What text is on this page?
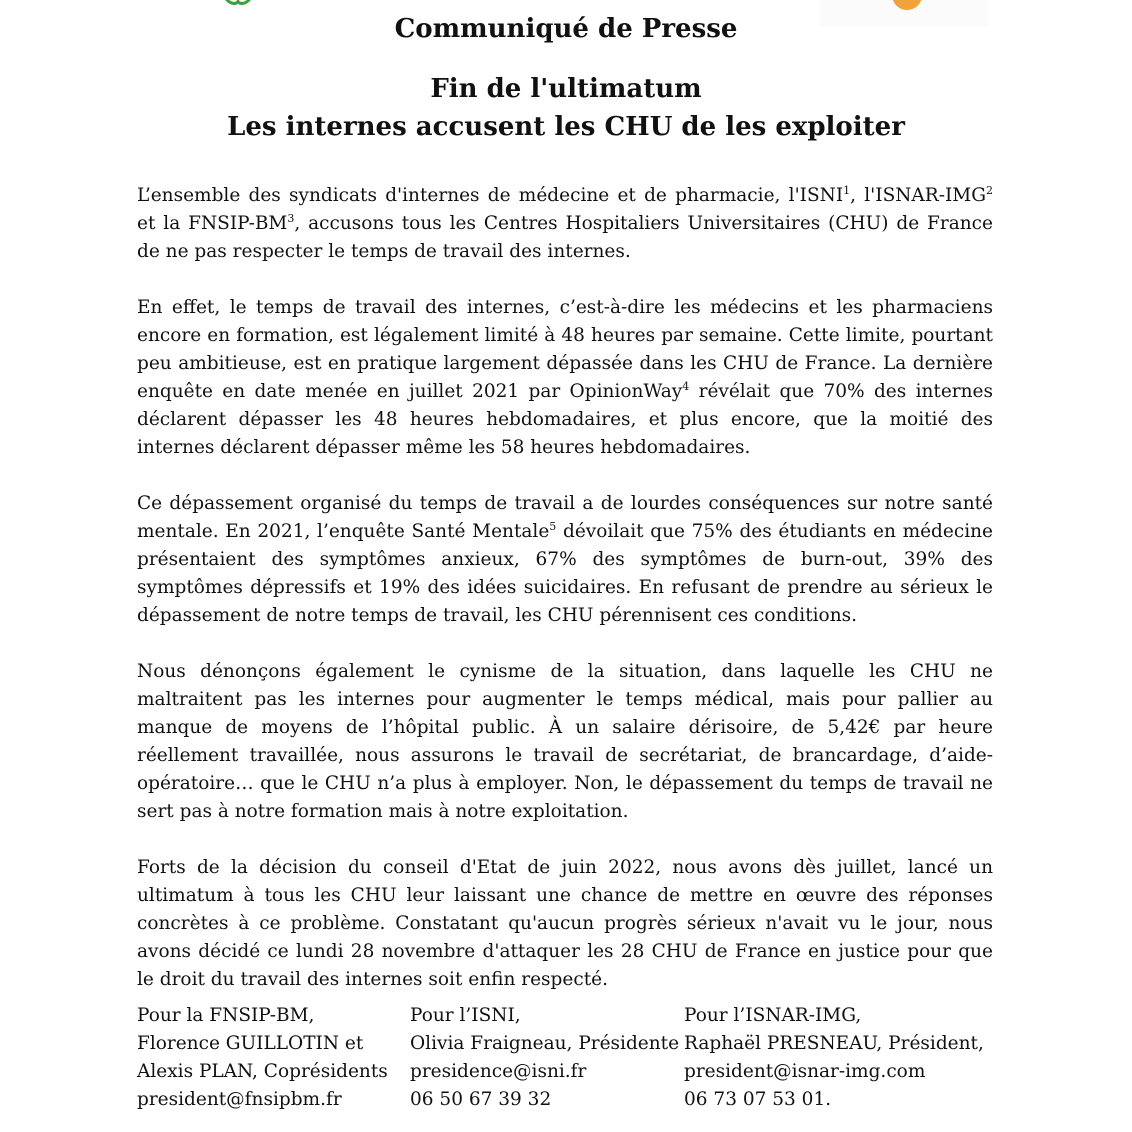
Communiqué de Presse
Fin de l'ultimatum
Les internes accusent les CHU de les exploiter

L’ensemble des syndicats d'internes de médecine et de pharmacie, l'ISNI$^1$, l'ISNAR-IMG$^2$ et la FNSIP-$BM^3$, accusons tous les Centres Hospitaliers Universitaires (CHU) de France de ne pas respecter le temps de travail des internes.

En effet, le temps de travail des internes, c’est-à-dire les médecins et les pharmaciens encore en formation, est légalement limité à 48 heures par semaine. Cette limite, pourtant peu ambitieuse, est en pratique largement dépassée dans les CHU de France. La dernière enquête en date menée en juillet 2021 par OpinionWay$^4$ révélait que 70% des internes déclarent dépasser les 48 heures hebdomadaires, et plus encore, que la moitié des internes déclarent dépasser même les 58 heures hebdomadaires.

Ce dépassement organisé du temps de travail a de lourdes conséquences sur notre santé mentale. En 2021, l’enquête Santé Mentale$^5$ dévoilait que 75% des étudiants en médecine présentaient des symptômes anxieux, 67% des symptômes de burn-out, 39% des symptômes dépressifs et 19% des idées suicidaires. En refusant de prendre au sérieux le dépassement de notre temps de travail, les CHU pérennisent ces conditions.

Nous dénonçons également le cynisme de la situation, dans laquelle les CHU ne maltraitent pas les internes pour augmenter le temps médical, mais pour pallier au manque de moyens de l’hôpital public. À un salaire dérisoire, de 5,42€ par heure réellement travaillée, nous assurons le travail de secrétariat, de brancardage, d’aide-opératoire… que le CHU n’a plus à employer. Non, le dépassement du temps de travail ne sert pas à notre formation mais à notre exploitation.

Forts de la décision du conseil d'Etat de juin 2022, nous avons dès juillet, lancé un ultimatum à tous les CHU leur laissant une chance de mettre en œuvre des réponses concrètes à ce problème. Constatant qu'aucun progrès sérieux n'avait vu le jour, nous avons décidé ce lundi 28 novembre d'attaquer les 28 CHU de France en justice pour que le droit du travail des internes soit enfin respecté.

Pour la FNSIP-BM,
Florence GUILLOTIN et
Alexis PLAN, Coprésidents
president@fnsipbm.fr
Pour l’ISNI,
Olivia Fraigneau, Présidente
presidence@isni.fr
06 50 67 39 32
Pour l’ISNAR-IMG,
Raphaël PRESNEAU, Président,
president@isnar-img.com
06 73 07 53 01.
